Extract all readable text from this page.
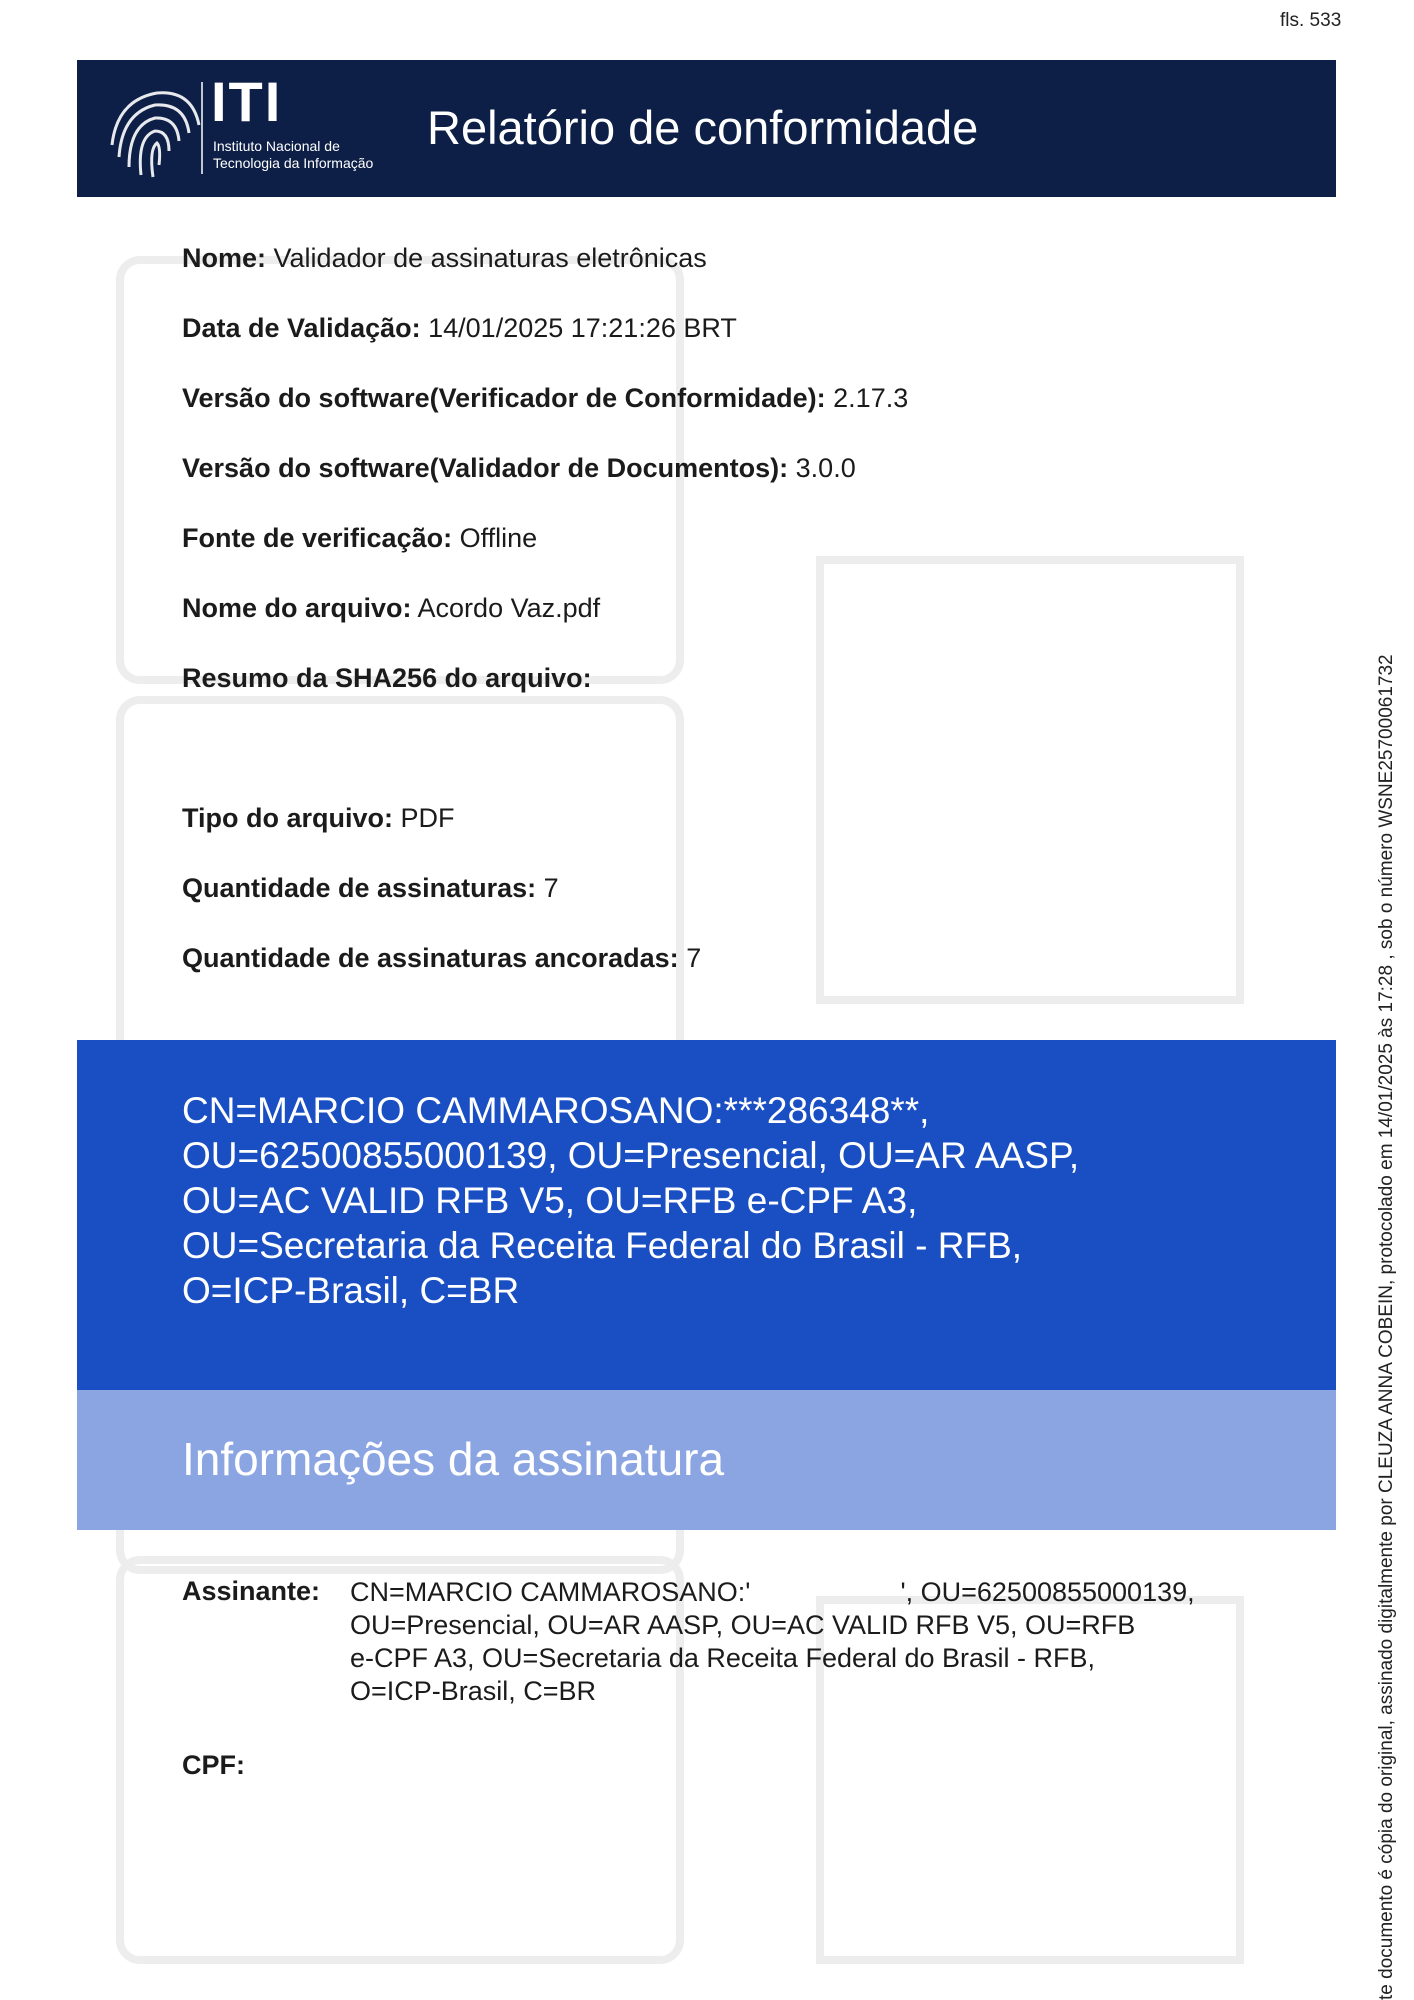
fls. 533
ITI
Instituto Nacional de
Tecnologia da Informação
Relatório de conformidade
Nome: Validador de assinaturas eletrônicas
Data de Validação: 14/01/2025 17:21:26 BRT
Versão do software(Verificador de Conformidade): 2.17.3
Versão do software(Validador de Documentos): 3.0.0
Fonte de verificação: Offline
Nome do arquivo: Acordo Vaz.pdf
Resumo da SHA256 do arquivo:
Tipo do arquivo: PDF
Quantidade de assinaturas: 7
Quantidade de assinaturas ancoradas: 7
CN=MARCIO CAMMAROSANO:***286348**,
OU=62500855000139, OU=Presencial, OU=AR AASP,
OU=AC VALID RFB V5, OU=RFB e-CPF A3,
OU=Secretaria da Receita Federal do Brasil - RFB,
O=ICP-Brasil, C=BR
Informações da assinatura
Assinante: CN=MARCIO CAMMAROSANO:'                    ', OU=62500855000139,
OU=Presencial, OU=AR AASP, OU=AC VALID RFB V5, OU=RFB
e-CPF A3, OU=Secretaria da Receita Federal do Brasil - RFB,
O=ICP-Brasil, C=BR
CPF:	te documento é cópia do original, assinado digitalmente por CLEUZA ANNA COBEIN, protocolado em 14/01/2025 às 17:28 , sob o número WSNE25700061732
